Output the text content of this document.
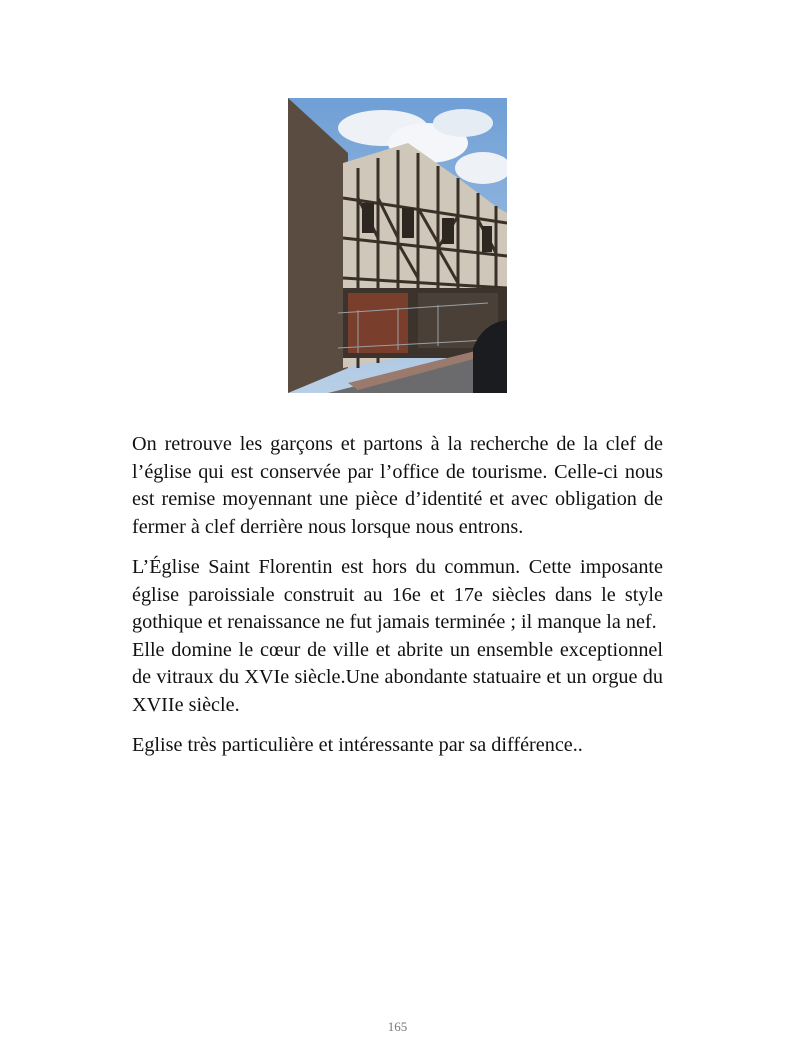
On retrouve les garçons et partons à la recherche de la clef de l’église qui est conservée par l’office de tourisme. Celle-ci nous est remise moyennant une pièce d’identité et avec obligation de fermer à clef derrière nous lorsque nous entrons.

L’Église Saint Florentin est hors du commun. Cette imposante église paroissiale construit au 16e et 17e siècles dans le style gothique et renaissance ne fut jamais terminée ; il manque la nef.

Elle domine le cœur de ville et abrite un ensemble exceptionnel de vitraux du XVIe siècle.Une abondante statuaire et un orgue du XVIIe siècle.

Eglise très particulière et intéressante par sa différence..

165
